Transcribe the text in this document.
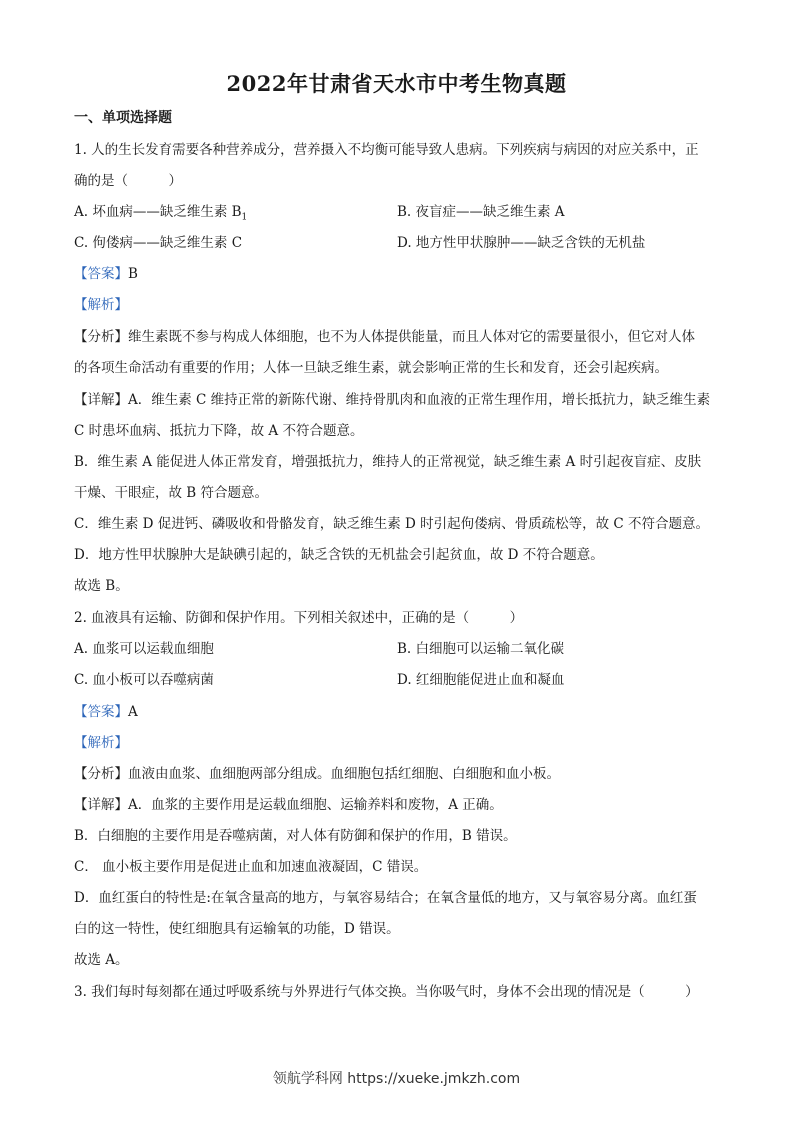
2022年甘肃省天水市中考生物真题
一、单项选择题
1. 人的生长发育需要各种营养成分，营养摄入不均衡可能导致人患病。下列疾病与病因的对应关系中，正
确的是（　　　）
A. 坏血病——缺乏维生素 $B_1$	B. 夜盲症——缺乏维生素 A
C. 佝偻病——缺乏维生素 C	D. 地方性甲状腺肿——缺乏含铁的无机盐
【答案】B
【解析】
【分析】维生素既不参与构成人体细胞，也不为人体提供能量，而且人体对它的需要量很小，但它对人体
的各项生命活动有重要的作用；人体一旦缺乏维生素，就会影响正常的生长和发育，还会引起疾病。
【详解】A．维生素 C 维持正常的新陈代谢、维持骨肌肉和血液的正常生理作用，增长抵抗力，缺乏维生素
C 时患坏血病、抵抗力下降，故 A 不符合题意。
B．维生素 A 能促进人体正常发育，增强抵抗力，维持人的正常视觉，缺乏维生素 A 时引起夜盲症、皮肤
干燥、干眼症，故 B 符合题意。
C．维生素 D 促进钙、磷吸收和骨骼发育，缺乏维生素 D 时引起佝偻病、骨质疏松等，故 C 不符合题意。
D．地方性甲状腺肿大是缺碘引起的，缺乏含铁的无机盐会引起贫血，故 D 不符合题意。
故选 B。
2. 血液具有运输、防御和保护作用。下列相关叙述中，正确的是（　　　）
A. 血浆可以运载血细胞	B. 白细胞可以运输二氧化碳
C. 血小板可以吞噬病菌	D. 红细胞能促进止血和凝血
【答案】A
【解析】
【分析】血液由血浆、血细胞两部分组成。血细胞包括红细胞、白细胞和血小板。
【详解】A．血浆的主要作用是运载血细胞、运输养料和废物，A 正确。
B．白细胞的主要作用是吞噬病菌，对人体有防御和保护的作用，B 错误。
C． 血小板主要作用是促进止血和加速血液凝固，C 错误。
D．血红蛋白的特性是:在氧含量高的地方，与氧容易结合；在氧含量低的地方，又与氧容易分离。血红蛋
白的这一特性，使红细胞具有运输氧的功能，D 错误。
故选 A。
3. 我们每时每刻都在通过呼吸系统与外界进行气体交换。当你吸气时，身体不会出现的情况是（　　　）
领航学科网 https://xueke.jmkzh.com
